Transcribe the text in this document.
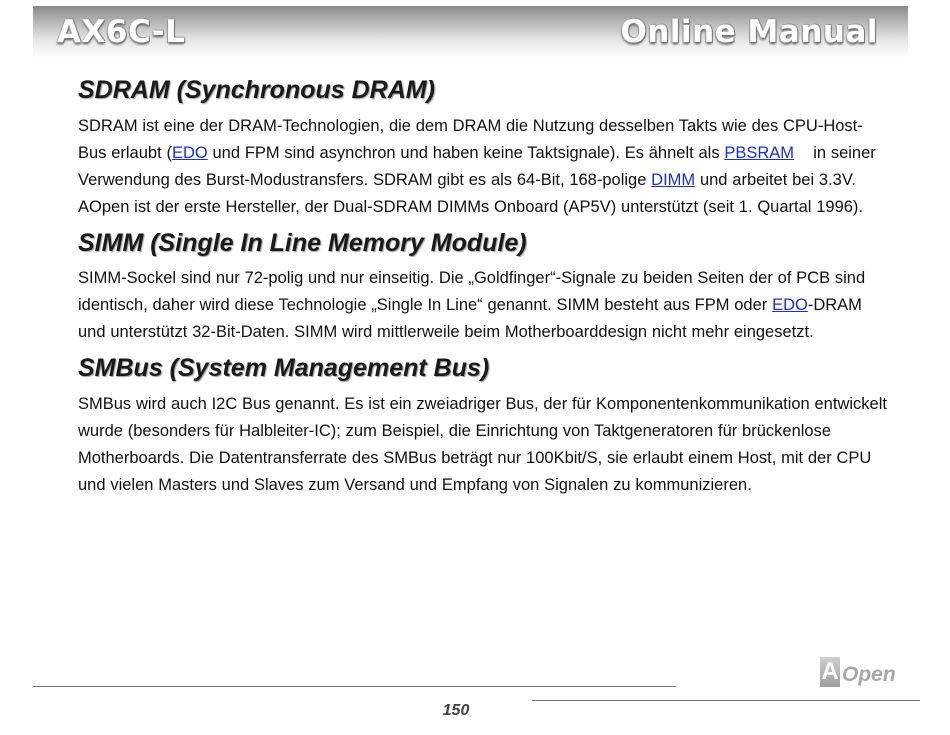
AX6C-L	Online Manual
SDRAM (Synchronous DRAM)

SDRAM ist eine der DRAM-Technologien, die dem DRAM die Nutzung desselben Takts wie des CPU-Host-Bus erlaubt (EDO und FPM sind asynchron und haben keine Taktsignale). Es ähnelt als PBSRAM    in seiner Verwendung des Burst-Modustransfers. SDRAM gibt es als 64-Bit, 168-polige DIMM und arbeitet bei 3.3V. AOpen ist der erste Hersteller, der Dual-SDRAM DIMMs Onboard (AP5V) unterstützt (seit 1. Quartal 1996).

SIMM (Single In Line Memory Module)

SIMM-Sockel sind nur 72-polig und nur einseitig. Die „Goldfinger“-Signale zu beiden Seiten der of PCB sind identisch, daher wird diese Technologie „Single In Line“ genannt. SIMM besteht aus FPM oder EDO-DRAM und unterstützt 32-Bit-Daten. SIMM wird mittlerweile beim Motherboarddesign nicht mehr eingesetzt.

SMBus (System Management Bus)

SMBus wird auch I2C Bus genannt. Es ist ein zweiadriger Bus, der für Komponentenkommunikation entwickelt wurde (besonders für Halbleiter-IC); zum Beispiel, die Einrichtung von Taktgeneratoren für brückenlose Motherboards. Die Datentransferrate des SMBus beträgt nur 100Kbit/S, sie erlaubt einem Host, mit der CPU und vielen Masters und Slaves zum Versand und Empfang von Signalen zu kommunizieren.

150
A Open
